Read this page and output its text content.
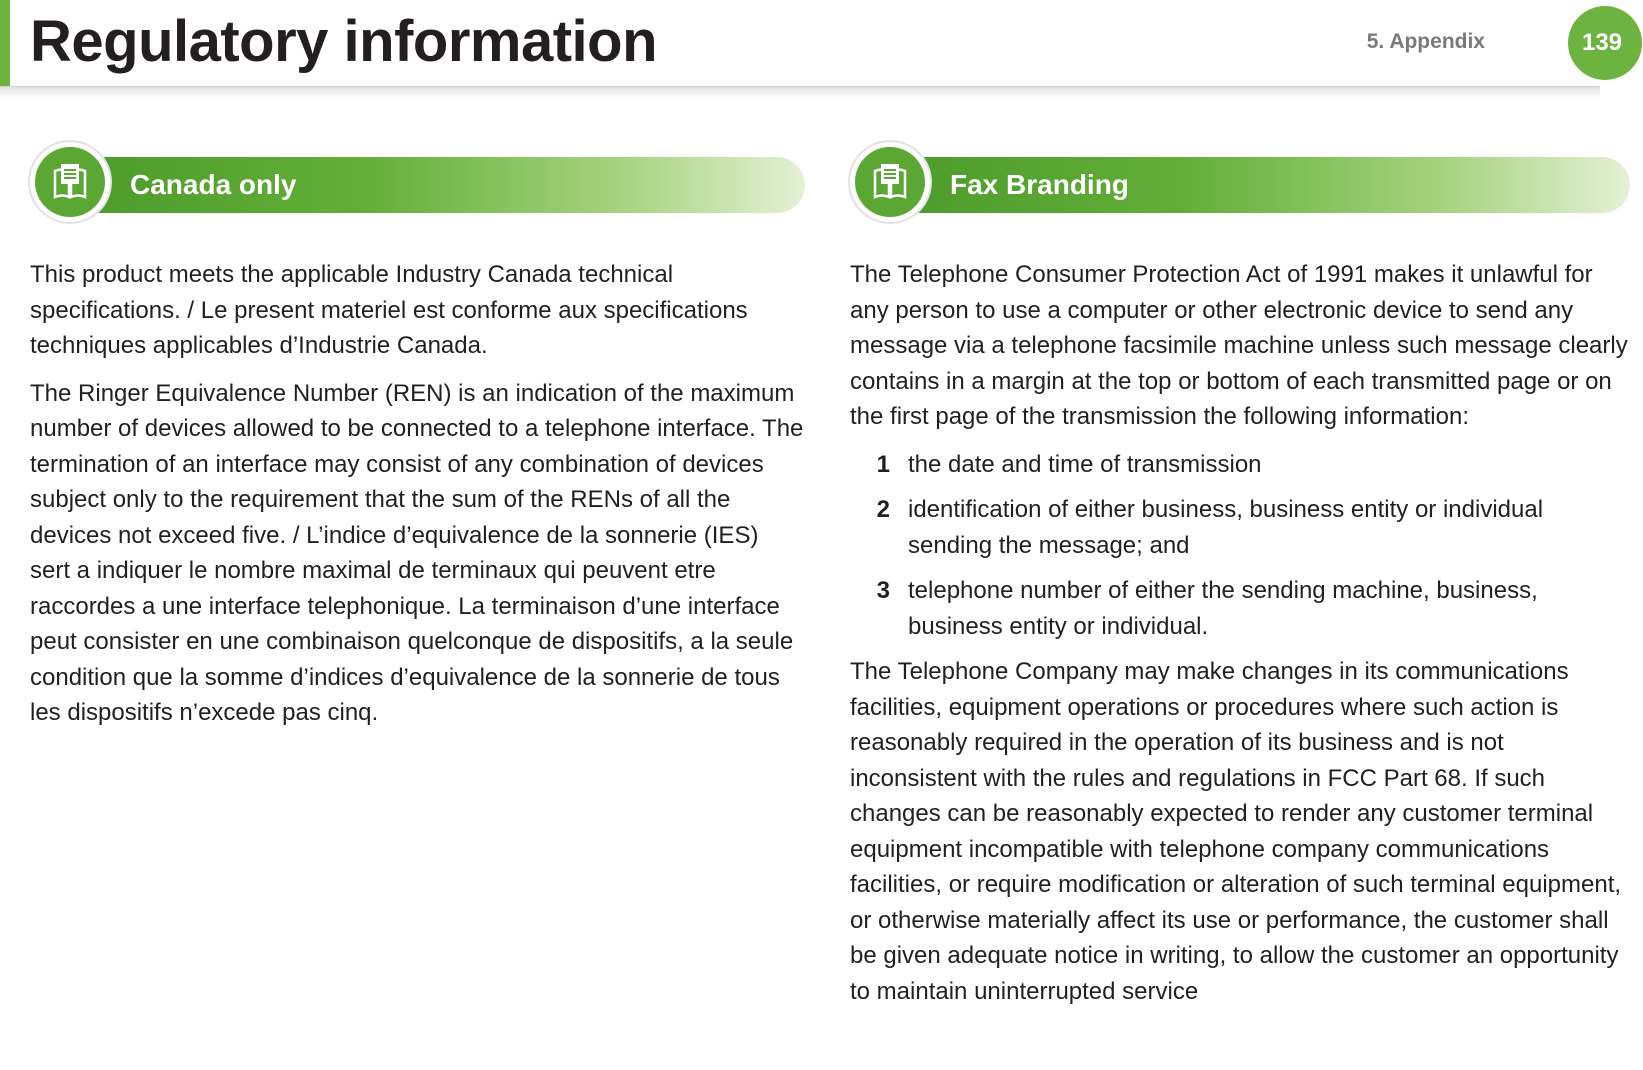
Regulatory information	5. Appendix	139
Canada only

This product meets the applicable Industry Canada technical specifications. / Le present materiel est conforme aux specifications techniques applicables d’Industrie Canada.

The Ringer Equivalence Number (REN) is an indication of the maximum number of devices allowed to be connected to a telephone interface. The termination of an interface may consist of any combination of devices subject only to the requirement that the sum of the RENs of all the devices not exceed five. / L’indice d’equivalence de la sonnerie (IES) sert a indiquer le nombre maximal de terminaux qui peuvent etre raccordes a une interface telephonique. La terminaison d’une interface peut consister en une combinaison quelconque de dispositifs, a la seule condition que la somme d’indices d’equivalence de la sonnerie de tous les dispositifs n’excede pas cinq.

Fax Branding

The Telephone Consumer Protection Act of 1991 makes it unlawful for any person to use a computer or other electronic device to send any message via a telephone facsimile machine unless such message clearly contains in a margin at the top or bottom of each transmitted page or on the first page of the transmission the following information:

1 the date and time of transmission
2 identification of either business, business entity or individual sending the message; and
3 telephone number of either the sending machine, business, business entity or individual.

The Telephone Company may make changes in its communications facilities, equipment operations or procedures where such action is reasonably required in the operation of its business and is not inconsistent with the rules and regulations in FCC Part 68. If such changes can be reasonably expected to render any customer terminal equipment incompatible with telephone company communications facilities, or require modification or alteration of such terminal equipment, or otherwise materially affect its use or performance, the customer shall be given adequate notice in writing, to allow the customer an opportunity to maintain uninterrupted service
